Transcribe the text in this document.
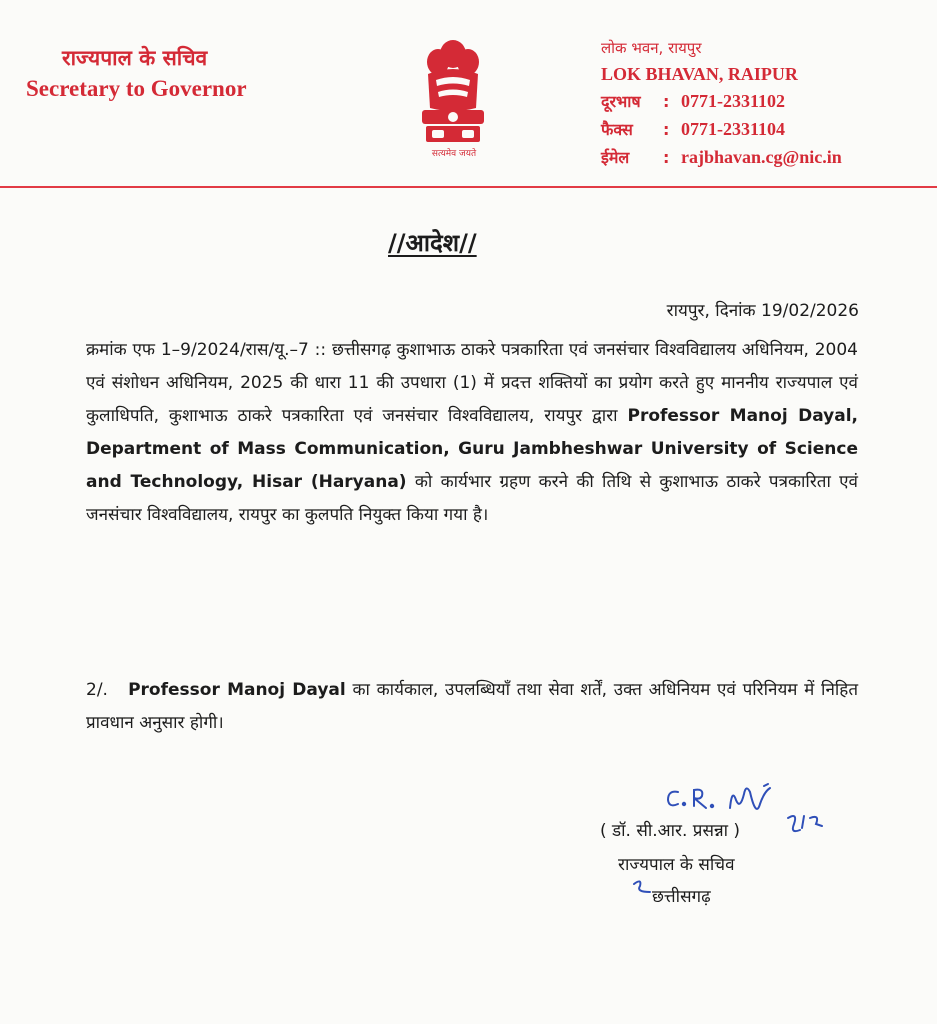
राज्यपाल के सचिव
Secretary to Governor
सत्यमेव जयते
लोक भवन, रायपुर
LOK BHAVAN, RAIPUR
दूरभाष : 0771-2331102
फैक्स : 0771-2331104
ईमेल : rajbhavan.cg@nic.in
//आदेश//
रायपुर, दिनांक 19/02/2026
क्रमांक एफ 1–9/2024/रास/यू.–7 :: छत्तीसगढ़ कुशाभाऊ ठाकरे पत्रकारिता एवं जनसंचार विश्वविद्यालय अधिनियम, 2004 एवं संशोधन अधिनियम, 2025 की धारा 11 की उपधारा (1) में प्रदत्त शक्तियों का प्रयोग करते हुए माननीय राज्यपाल एवं कुलाधिपति, कुशाभाऊ ठाकरे पत्रकारिता एवं जनसंचार विश्वविद्यालय, रायपुर द्वारा Professor Manoj Dayal, Department of Mass Communication, Guru Jambheshwar University of Science and Technology, Hisar (Haryana) को कार्यभार ग्रहण करने की तिथि से कुशाभाऊ ठाकरे पत्रकारिता एवं जनसंचार विश्वविद्यालय, रायपुर का कुलपति नियुक्त किया गया है।
2/. Professor Manoj Dayal का कार्यकाल, उपलब्धियाँ तथा सेवा शर्तें, उक्त अधिनियम एवं परिनियम में निहित प्रावधान अनुसार होगी।
( डॉ. सी.आर. प्रसन्ना )
राज्यपाल के सचिव
छत्तीसगढ़
